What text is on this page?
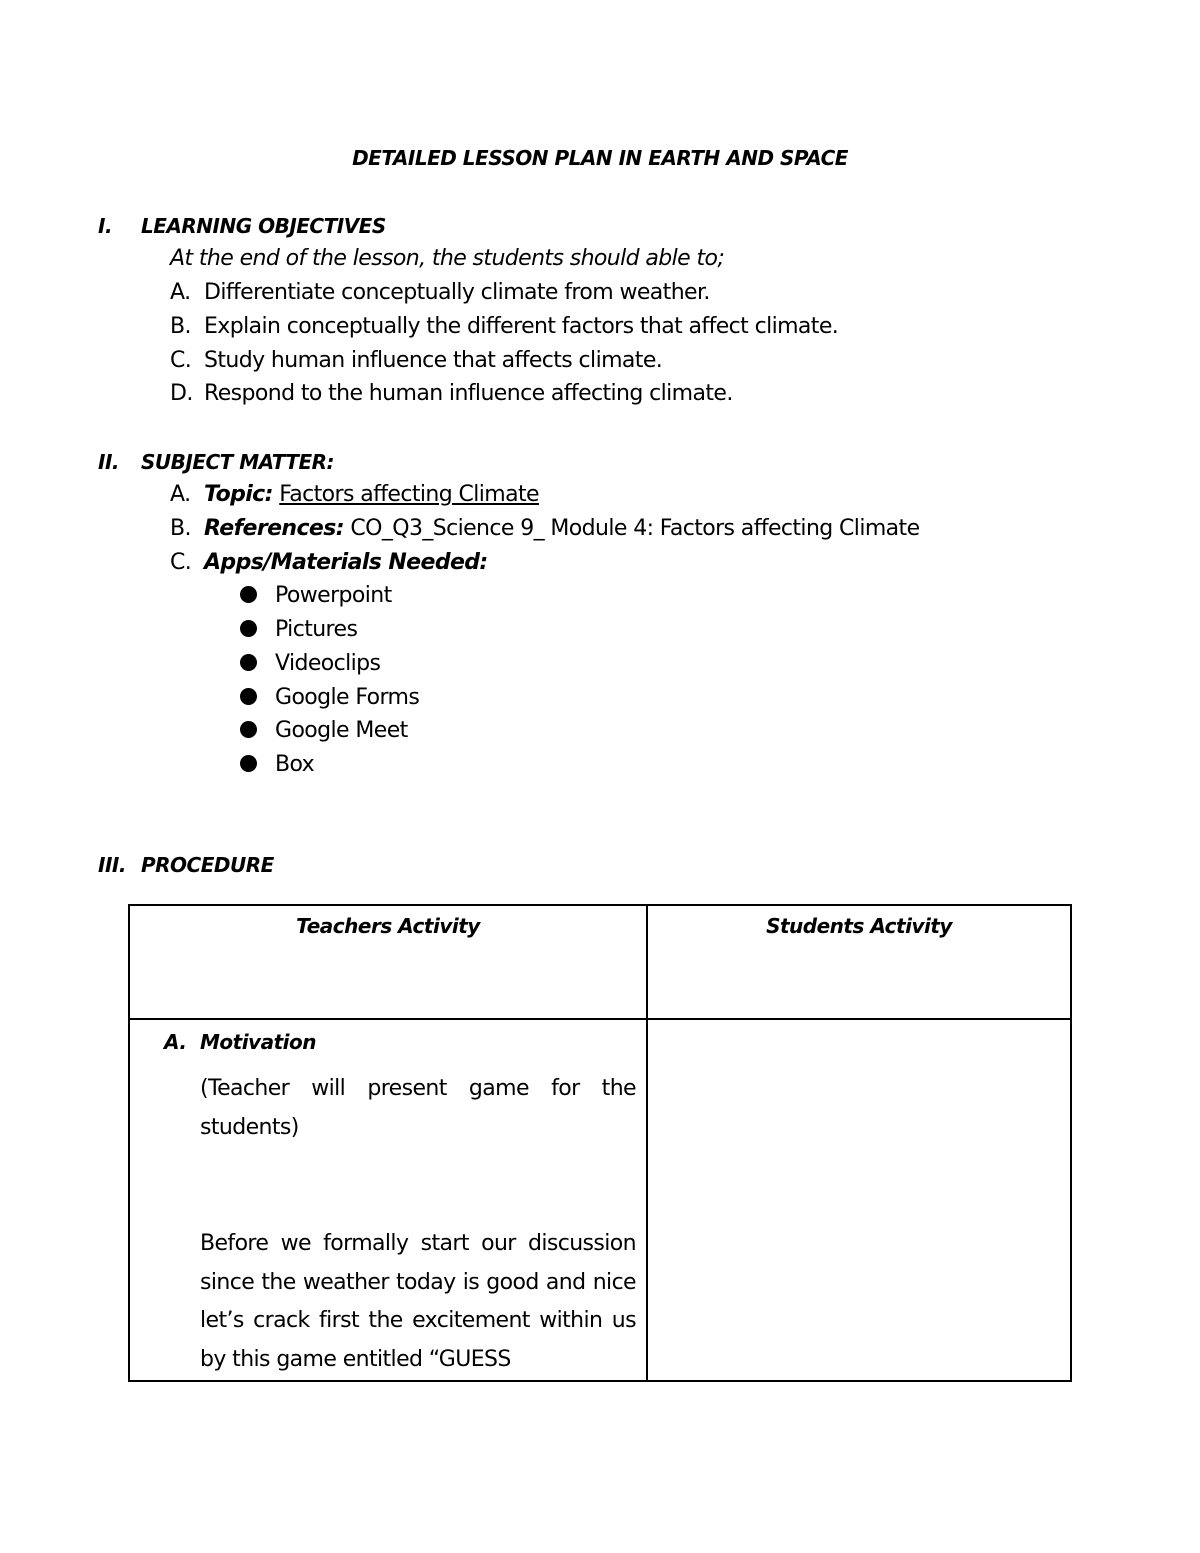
DETAILED LESSON PLAN IN EARTH AND SPACE
I. LEARNING OBJECTIVES
At the end of the lesson, the students should able to;
A. Differentiate conceptually climate from weather.
B. Explain conceptually the different factors that affect climate.
C. Study human influence that affects climate.
D. Respond to the human influence affecting climate.
II. SUBJECT MATTER:
A. Topic: Factors affecting Climate
B. References: CO_Q3_Science 9_ Module 4: Factors affecting Climate
C. Apps/Materials Needed:
Powerpoint
Pictures
Videoclips
Google Forms
Google Meet
Box
III. PROCEDURE
Teachers Activity	Students Activity

A. Motivation
(Teacher will present game for the students)
Before we formally start our discussion since the weather today is good and nice let’s crack first the excitement within us by this game entitled “GUESS	
